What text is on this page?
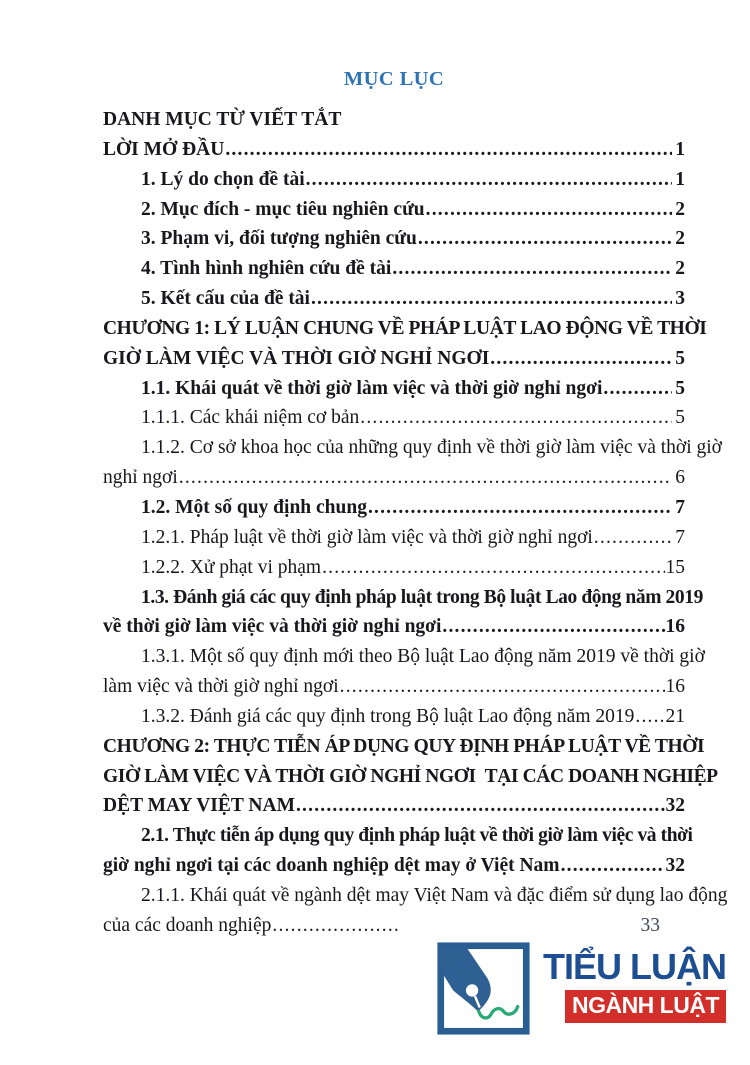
MỤC LỤC
DANH MỤC TỪ VIẾT TẮT
LỜI MỞ ĐẦU .....	1
1. Lý do chọn đề tài .....	1
2. Mục đích - mục tiêu nghiên cứu .....	2
3. Phạm vi, đối tượng nghiên cứu .....	2
4. Tình hình nghiên cứu đề tài .....	2
5. Kết cấu của đề tài .....	3
CHƯƠNG 1: LÝ LUẬN CHUNG VỀ PHÁP LUẬT LAO ĐỘNG VỀ THỜI
GIỜ LÀM VIỆC VÀ THỜI GIỜ NGHỈ NGƠI .....	5
1.1. Khái quát về thời giờ làm việc và thời giờ nghỉ ngơi .....	5
1.1.1. Các khái niệm cơ bản .....	5
1.1.2. Cơ sở khoa học của những quy định về thời giờ làm việc và thời giờ
nghỉ ngơi .....	6
1.2. Một số quy định chung .....	7
1.2.1. Pháp luật về thời giờ làm việc và thời giờ nghỉ ngơi .....	7
1.2.2. Xử phạt vi phạm .....	15
1.3. Đánh giá các quy định pháp luật trong Bộ luật Lao động năm 2019
về thời giờ làm việc và thời giờ nghỉ ngơi .....	16
1.3.1. Một số quy định mới theo Bộ luật Lao động năm 2019 về thời giờ
làm việc và thời giờ nghỉ ngơi .....	16
1.3.2. Đánh giá các quy định trong Bộ luật Lao động năm 2019 ..... 21
CHƯƠNG 2: THỰC TIỄN ÁP DỤNG QUY ĐỊNH PHÁP LUẬT VỀ THỜI
GIỜ LÀM VIỆC VÀ THỜI GIỜ NGHỈ NGƠI  TẠI CÁC DOANH NGHIỆP
DỆT MAY VIỆT NAM .....	32
2.1. Thực tiễn áp dụng quy định pháp luật về thời giờ làm việc và thời
giờ nghỉ ngơi tại các doanh nghiệp dệt may ở Việt Nam .....	32
2.1.1. Khái quát về ngành dệt may Việt Nam và đặc điểm sử dụng lao động
của các doanh nghiệp .....	33
TIỂU LUẬN
NGÀNH LUẬT
